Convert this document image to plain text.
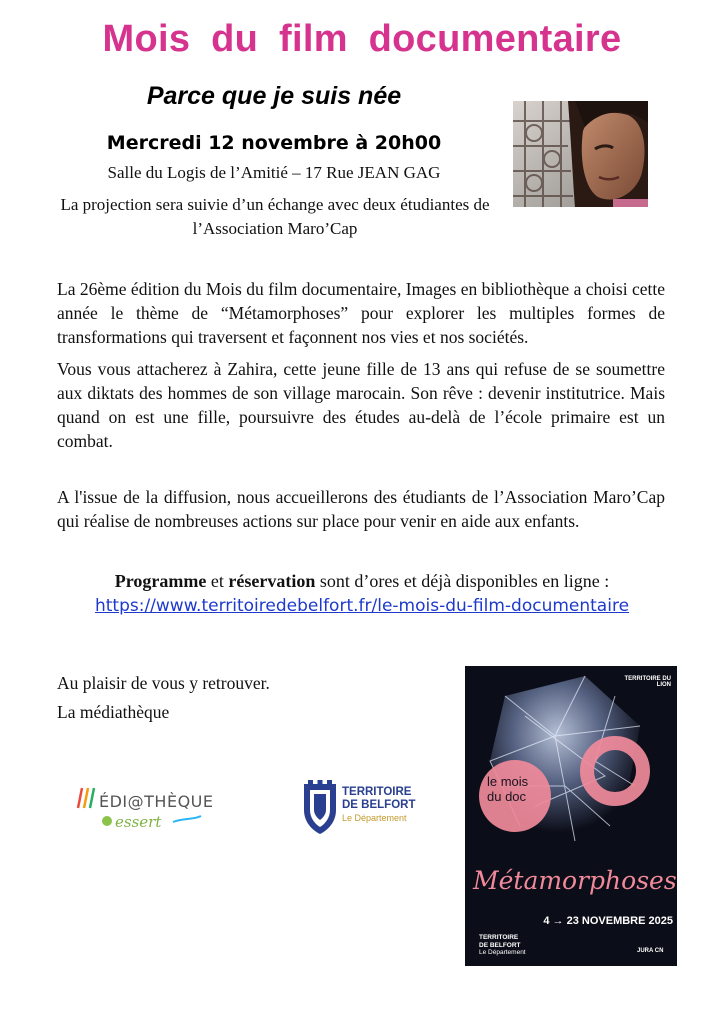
Mois du film documentaire
Parce que je suis née
Mercredi 12 novembre à 20h00
Salle du Logis de l’Amitié – 17 Rue JEAN GAG
La projection sera suivie d’un échange avec deux étudiantes de l’Association Maro’Cap

La 26ème édition du Mois du film documentaire, Images en bibliothèque a choisi cette année le thème de “Métamorphoses” pour explorer les multiples formes de transformations qui traversent et façonnent nos vies et nos sociétés.

Vous vous attacherez à Zahira, cette jeune fille de 13 ans qui refuse de se soumettre aux diktats des hommes de son village marocain. Son rêve : devenir institutrice. Mais quand on est une fille, poursuivre des études au-delà de l’école primaire est un combat.

A l'issue de la diffusion, nous accueillerons des étudiants de l’Association Maro’Cap qui réalise de nombreuses actions sur place pour venir en aide aux enfants.

Programme et réservation sont d’ores et déjà disponibles en ligne :
https://www.territoiredebelfort.fr/le-mois-du-film-documentaire
Au plaisir de vous y retrouver.
La médiathèque
ÉDI@THÈQUE
essert
TERRITOIRE
DE BELFORT
Le Département
TERRITOIRE DU LION
le mois du doc
Métamorphoses
4 → 23 NOVEMBRE 2025
TERRITOIRE
DE BELFORT
Le Département	JURA CN
